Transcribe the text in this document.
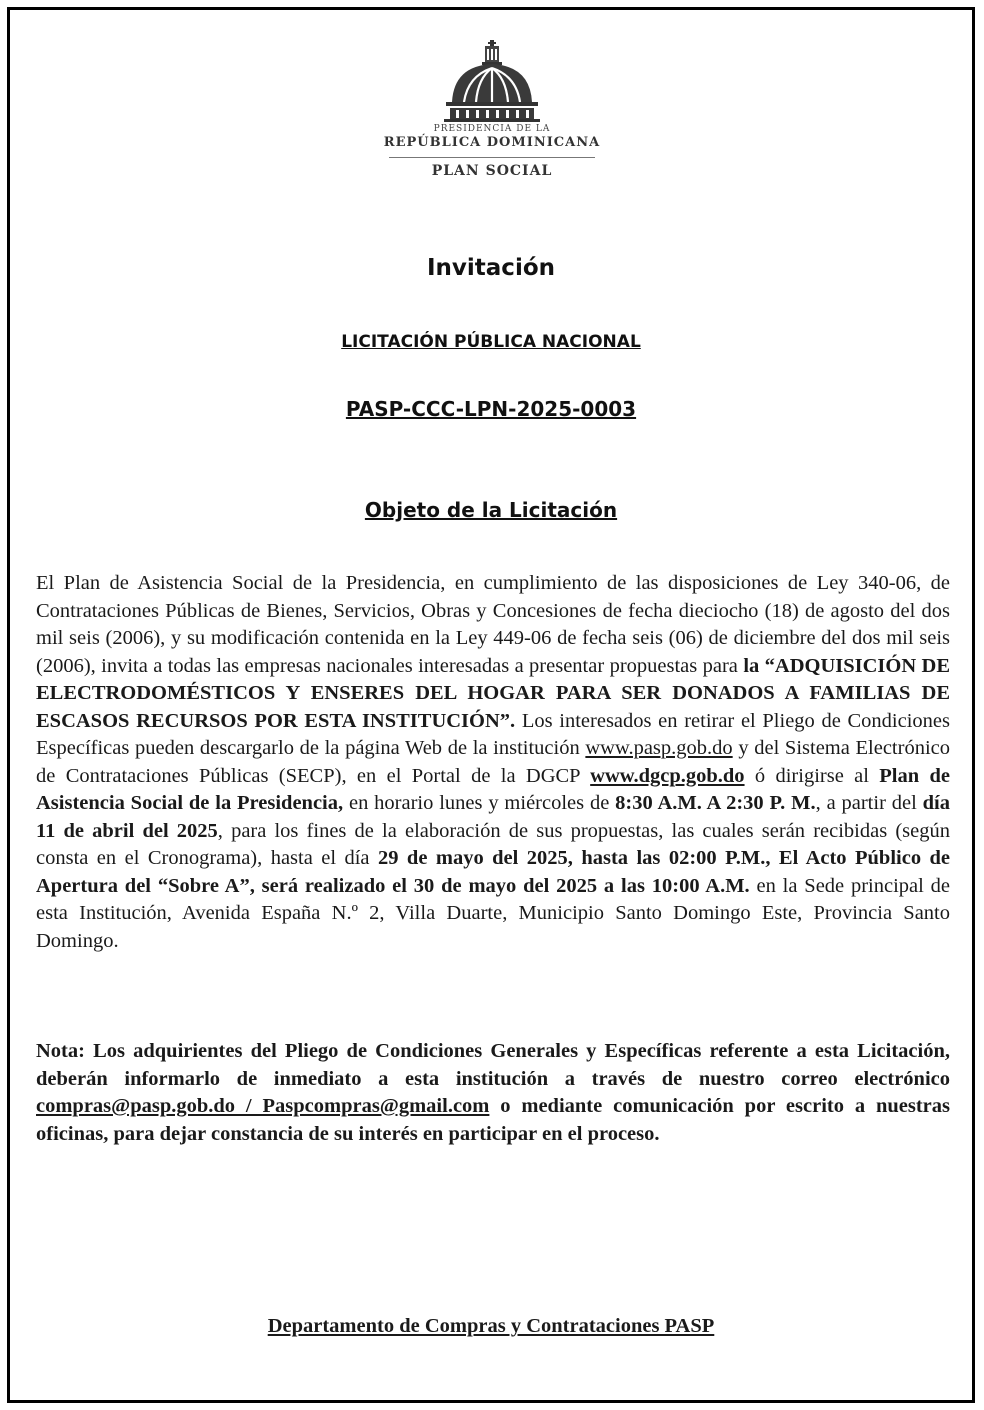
PRESIDENCIA DE LA
REPÚBLICA DOMINICANA
PLAN SOCIAL
Invitación
LICITACIÓN PÚBLICA NACIONAL
PASP-CCC-LPN-2025-0003
Objeto de la Licitación
El Plan de Asistencia Social de la Presidencia, en cumplimiento de las disposiciones de Ley 340-06, de Contrataciones Públicas de Bienes, Servicios, Obras y Concesiones de fecha dieciocho (18) de agosto del dos mil seis (2006), y su modificación contenida en la Ley 449-06 de fecha seis (06) de diciembre del dos mil seis (2006), invita a todas las empresas nacionales interesadas a presentar propuestas para la “ADQUISICIÓN DE ELECTRODOMÉSTICOS Y ENSERES DEL HOGAR PARA SER DONADOS A FAMILIAS DE ESCASOS RECURSOS POR ESTA INSTITUCIÓN”. Los interesados en retirar el Pliego de Condiciones Específicas pueden descargarlo de la página Web de la institución www.pasp.gob.do y del Sistema Electrónico de Contrataciones Públicas (SECP), en el Portal de la DGCP www.dgcp.gob.do ó dirigirse al Plan de Asistencia Social de la Presidencia, en horario lunes y miércoles de 8:30 A.M. A 2:30 P. M., a partir del día 11 de abril del 2025, para los fines de la elaboración de sus propuestas, las cuales serán recibidas (según consta en el Cronograma), hasta el día 29 de mayo del 2025, hasta las 02:00 P.M., El Acto Público de Apertura del “Sobre A”, será realizado el 30 de mayo del 2025 a las 10:00 A.M. en la Sede principal de esta Institución, Avenida España N.º 2, Villa Duarte, Municipio Santo Domingo Este, Provincia Santo Domingo.
Nota: Los adquirientes del Pliego de Condiciones Generales y Específicas referente a esta Licitación, deberán informarlo de inmediato a esta institución a través de nuestro correo electrónico compras@pasp.gob.do / Paspcompras@gmail.com o mediante comunicación por escrito a nuestras oficinas, para dejar constancia de su interés en participar en el proceso.
Departamento de Compras y Contrataciones PASP
